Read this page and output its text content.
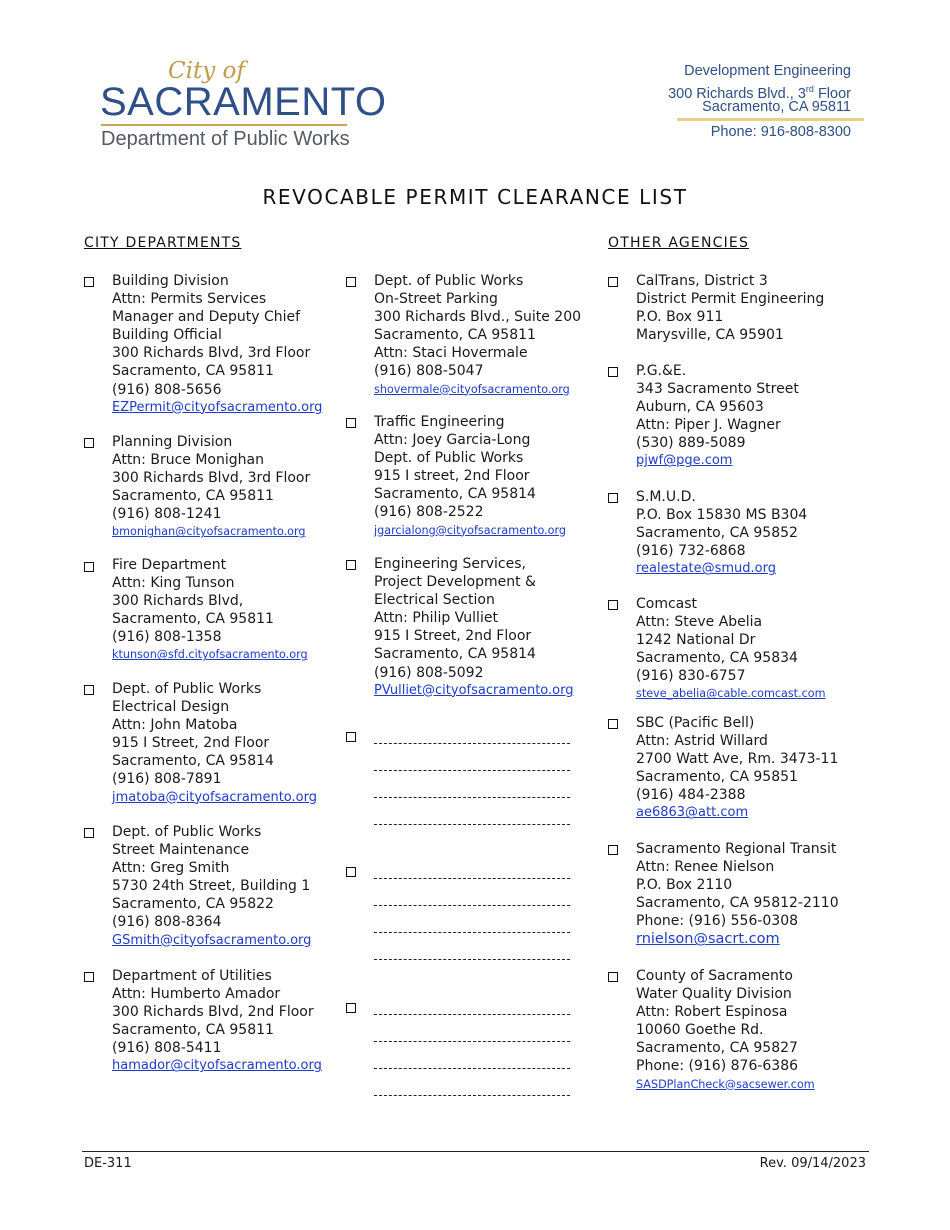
City of
SACRAMENTO
Department of Public Works
Development Engineering
300 Richards Blvd., 3rd Floor
Sacramento, CA 95811
Phone: 916-808-8300
REVOCABLE PERMIT CLEARANCE LIST
CITY DEPARTMENTS	OTHER AGENCIES
Building Division
Attn: Permits Services
Manager and Deputy Chief
Building Official
300 Richards Blvd, 3rd Floor
Sacramento, CA 95811
(916) 808-5656
EZPermit@cityofsacramento.org
Planning Division
Attn: Bruce Monighan
300 Richards Blvd, 3rd Floor
Sacramento, CA 95811
(916) 808-1241
bmonighan@cityofsacramento.org
Fire Department
Attn: King Tunson
300 Richards Blvd,
Sacramento, CA 95811
(916) 808-1358
ktunson@sfd.cityofsacramento.org
Dept. of Public Works
Electrical Design
Attn: John Matoba
915 I Street, 2nd Floor
Sacramento, CA 95814
(916) 808-7891
jmatoba@cityofsacramento.org
Dept. of Public Works
Street Maintenance
Attn: Greg Smith
5730 24th Street, Building 1
Sacramento, CA 95822
(916) 808-8364
GSmith@cityofsacramento.org
Department of Utilities
Attn: Humberto Amador
300 Richards Blvd, 2nd Floor
Sacramento, CA 95811
(916) 808-5411
hamador@cityofsacramento.org
Dept. of Public Works
On-Street Parking
300 Richards Blvd., Suite 200
Sacramento, CA 95811
Attn: Staci Hovermale
(916) 808-5047
shovermale@cityofsacramento.org
Traffic Engineering
Attn: Joey Garcia-Long
Dept. of Public Works
915 I street, 2nd Floor
Sacramento, CA 95814
(916) 808-2522
jgarcialong@cityofsacramento.org
Engineering Services,
Project Development &
Electrical Section
Attn: Philip Vulliet
915 I Street, 2nd Floor
Sacramento, CA 95814
(916) 808-5092
PVulliet@cityofsacramento.org
CalTrans, District 3
District Permit Engineering
P.O. Box 911
Marysville, CA 95901
P.G.&E.
343 Sacramento Street
Auburn, CA 95603
Attn: Piper J. Wagner
(530) 889-5089
pjwf@pge.com
S.M.U.D.
P.O. Box 15830 MS B304
Sacramento, CA 95852
(916) 732-6868
realestate@smud.org
Comcast
Attn: Steve Abelia
1242 National Dr
Sacramento, CA 95834
(916) 830-6757
steve_abelia@cable.comcast.com
SBC (Pacific Bell)
Attn: Astrid Willard
2700 Watt Ave, Rm. 3473-11
Sacramento, CA 95851
(916) 484-2388
ae6863@att.com
Sacramento Regional Transit
Attn: Renee Nielson
P.O. Box 2110
Sacramento, CA 95812-2110
Phone: (916) 556-0308
rnielson@sacrt.com
County of Sacramento
Water Quality Division
Attn: Robert Espinosa
10060 Goethe Rd.
Sacramento, CA 95827
Phone: (916) 876-6386
SASDPlanCheck@sacsewer.com
DE-311	Rev. 09/14/2023
